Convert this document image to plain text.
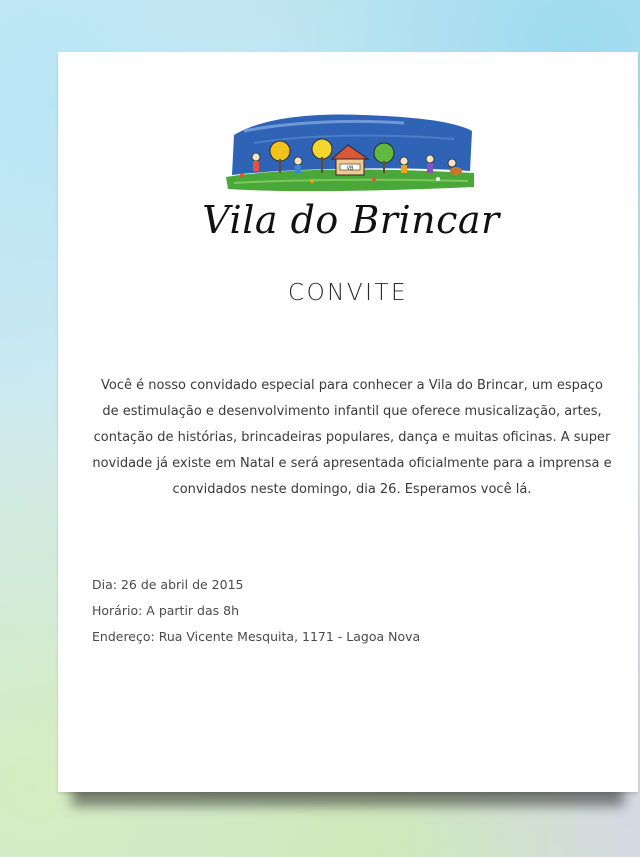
VB
Vila do Brincar
CONVITE
Você é nosso convidado especial para conhecer a Vila do Brincar, um espaço de estimulação e desenvolvimento infantil que oferece musicalização, artes, contação de histórias, brincadeiras populares, dança e muitas oficinas. A super novidade já existe em Natal e será apresentada oficialmente para a imprensa e convidados neste domingo, dia 26. Esperamos você lá.
Dia: 26 de abril de 2015
Horário: A partir das 8h
Endereço: Rua Vicente Mesquita, 1171 - Lagoa Nova
